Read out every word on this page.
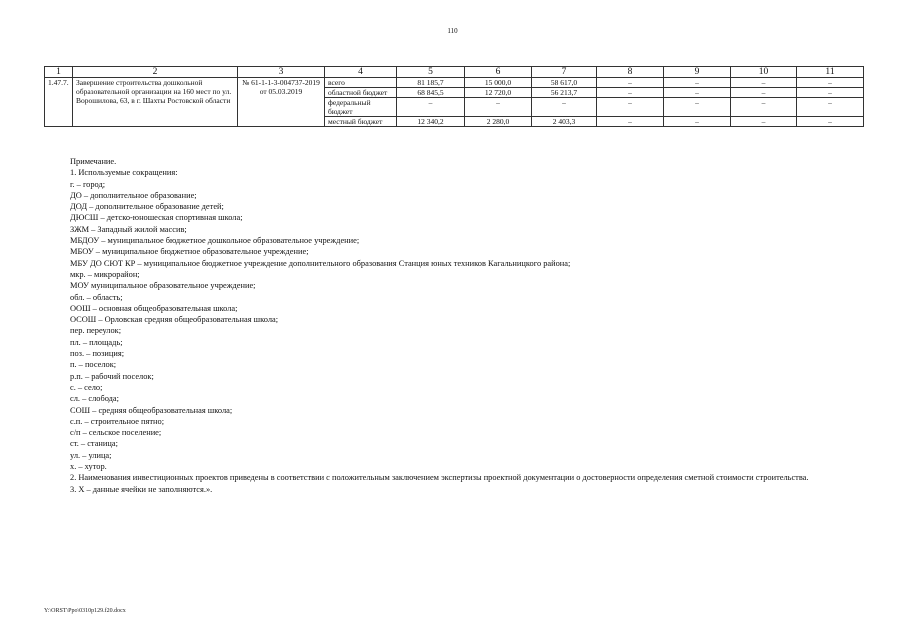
110
1	2	3	4	5	6	7	8	9	10	11
1.47.7.	Завершение строительства дошкольной образовательной организации на 160 мест по ул. Ворошилова, 63, в г. Шахты Ростовской области	№ 61-1-1-3-004737-2019 от 05.03.2019	всего	81 185,7	15 000,0	58 617,0	–	–	–	–
			областной бюджет	68 845,5	12 720,0	56 213,7	–	–	–	–
			федеральный бюджет	–	–	–	–	–	–	–
			местный бюджет	12 340,2	2 280,0	2 403,3	–	–	–	–
Примечание.
1. Используемые сокращения:
г. – город;
ДО – дополнительное образование;
ДОД – дополнительное образование детей;
ДЮСШ – детско-юношеская спортивная школа;
ЗЖМ – Западный жилой массив;
МБДОУ – муниципальное бюджетное дошкольное образовательное учреждение;
МБОУ – муниципальное бюджетное образовательное учреждение;
МБУ ДО СЮТ КР – муниципальное бюджетное учреждение дополнительного образования Станция юных техников Кагальницкого района;
мкр. – микрорайон;
МОУ муниципальное образовательное учреждение;
обл. – область;
ООШ – основная общеобразовательная школа;
ОСОШ – Орловская средняя общеобразовательная школа;
пер. переулок;
пл. – площадь;
поз. – позиция;
п. – поселок;
р.п. – рабочий поселок;
с. – село;
сл. – слобода;
СОШ – средняя общеобразовательная школа;
с.п. – строительное пятно;
с/п – сельское поселение;
ст. – станица;
ул. – улица;
х. – хутор.
2. Наименования инвестиционных проектов приведены в соответствии с положительным заключением экспертизы проектной документации о достоверности определения сметной стоимости строительства.
3. Х – данные ячейки не заполняются.».
Y:\ORST\Ppo\0310p129.f20.docx
